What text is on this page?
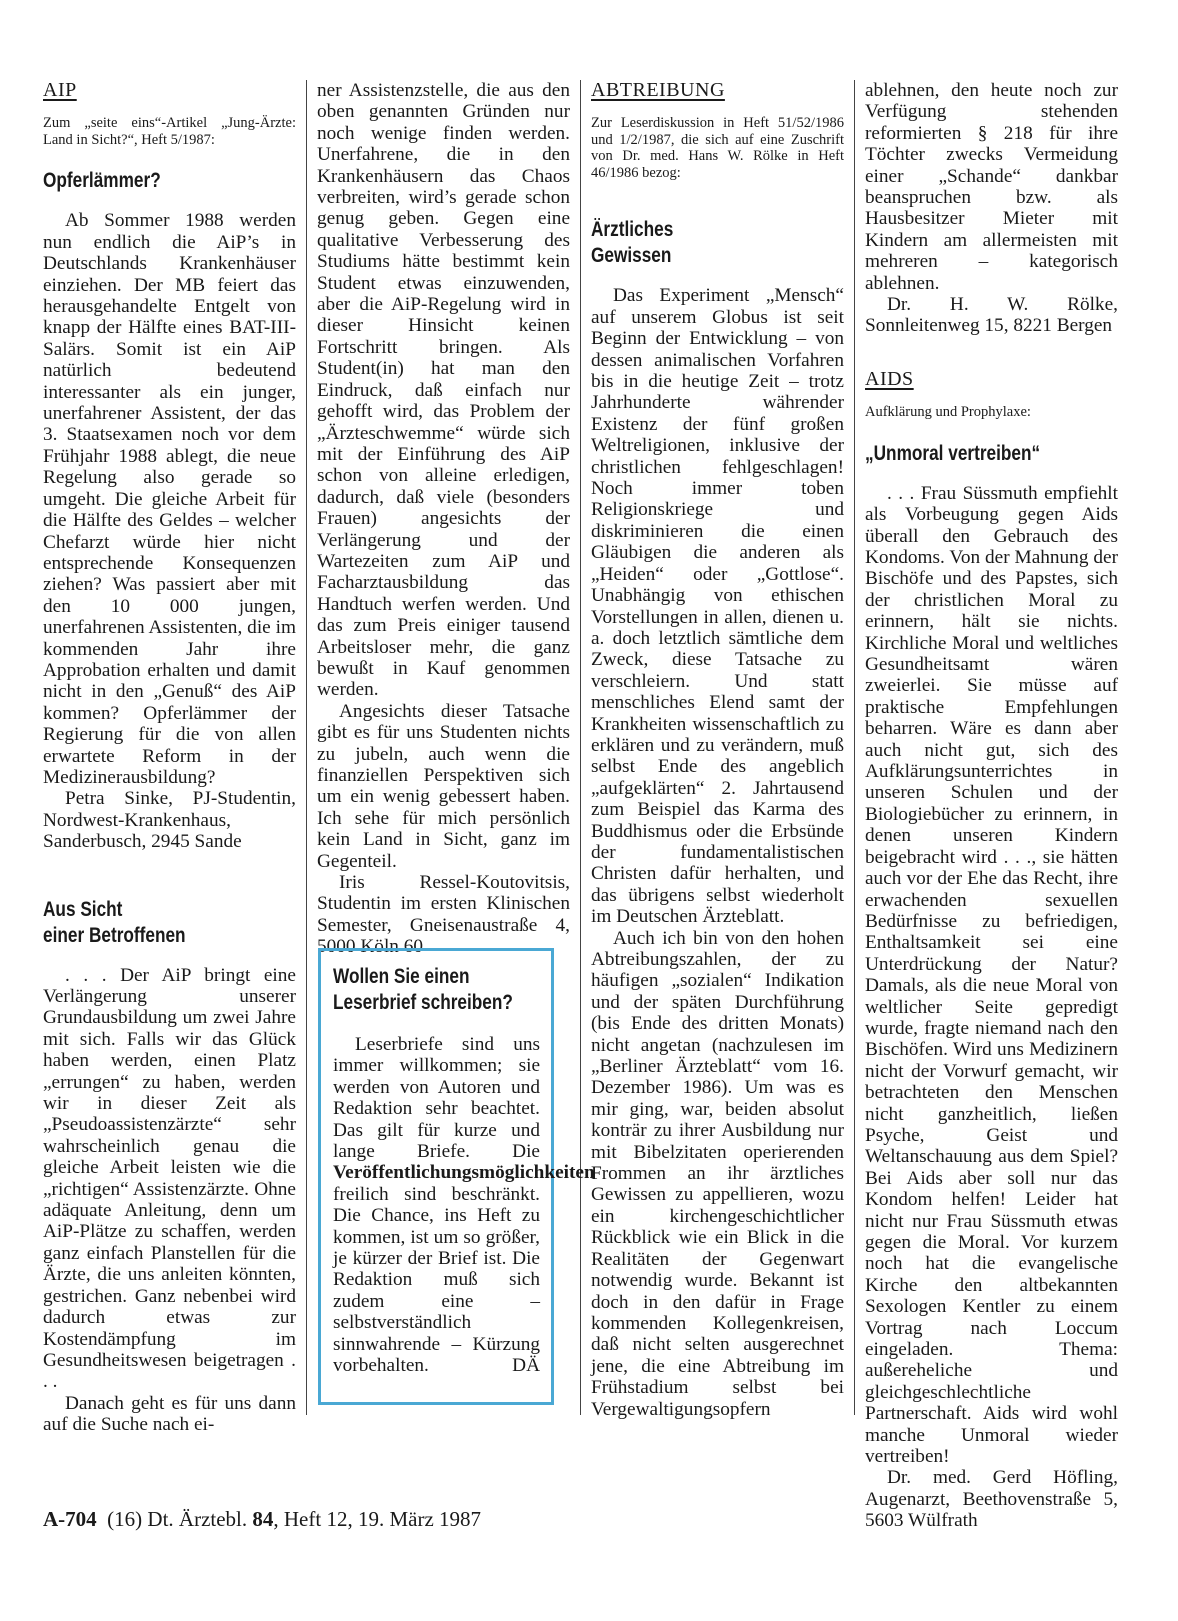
AIP
Zum „seite eins“-Artikel „Jung-Ärzte: Land in Sicht?“, Heft 5/1987:
Opferlämmer?

Ab Sommer 1988 werden nun endlich die AiP’s in Deutschlands Krankenhäuser einziehen. Der MB feiert das herausgehandelte Entgelt von knapp der Hälfte eines BAT-III-Salärs. Somit ist ein AiP natürlich bedeutend interessanter als ein junger, unerfahrener Assistent, der das 3. Staatsexamen noch vor dem Frühjahr 1988 ablegt, die neue Regelung also gerade so umgeht. Die gleiche Arbeit für die Hälfte des Geldes – welcher Chefarzt würde hier nicht entsprechende Konsequenzen ziehen? Was passiert aber mit den 10 000 jungen, unerfahrenen Assistenten, die im kommenden Jahr ihre Approbation erhalten und damit nicht in den „Genuß“ des AiP kommen? Opferlämmer der Regierung für die von allen erwartete Reform in der Medizinerausbildung?

Petra Sinke, PJ-Studentin, Nordwest-Krankenhaus, Sanderbusch, 2945 Sande

Aus Sicht
einer Betroffenen

. . . Der AiP bringt eine Verlängerung unserer Grundausbildung um zwei Jahre mit sich. Falls wir das Glück haben werden, einen Platz „errungen“ zu haben, werden wir in dieser Zeit als „Pseudoassistenzärzte“ sehr wahrscheinlich genau die gleiche Arbeit leisten wie die „richtigen“ Assistenzärzte. Ohne adäquate Anleitung, denn um AiP-Plätze zu schaffen, werden ganz einfach Planstellen für die Ärzte, die uns anleiten könnten, gestrichen. Ganz nebenbei wird dadurch etwas zur Kostendämpfung im Gesundheitswesen beigetragen . . .

Danach geht es für uns dann auf die Suche nach ei-

ner Assistenzstelle, die aus den oben genannten Gründen nur noch wenige finden werden. Unerfahrene, die in den Krankenhäusern das Chaos verbreiten, wird’s gerade schon genug geben. Gegen eine qualitative Verbesserung des Studiums hätte bestimmt kein Student etwas einzuwenden, aber die AiP-Regelung wird in dieser Hinsicht keinen Fortschritt bringen. Als Student(in) hat man den Eindruck, daß einfach nur gehofft wird, das Problem der „Ärzteschwemme“ würde sich mit der Einführung des AiP schon von alleine erledigen, dadurch, daß viele (besonders Frauen) angesichts der Verlängerung und der Wartezeiten zum AiP und Facharztausbildung das Handtuch werfen werden. Und das zum Preis einiger tausend Arbeitsloser mehr, die ganz bewußt in Kauf genommen werden.

Angesichts dieser Tatsache gibt es für uns Studenten nichts zu jubeln, auch wenn die finanziellen Perspektiven sich um ein wenig gebessert haben. Ich sehe für mich persönlich kein Land in Sicht, ganz im Gegenteil.

Iris Ressel-Koutovitsis, Studentin im ersten Klinischen Semester, Gneisenaustraße 4, 5000 Köln 60

Wollen Sie einen
Leserbrief schreiben?

Leserbriefe sind uns immer willkommen; sie werden von Autoren und Redaktion sehr beachtet. Das gilt für kurze und lange Briefe. Die Veröffentlichungsmöglichkeiten freilich sind beschränkt. Die Chance, ins Heft zu kommen, ist um so größer, je kürzer der Brief ist. Die Redaktion muß sich zudem eine – selbstverständlich sinnwahrende – Kürzung vorbehalten.	DÄ

ABTREIBUNG
Zur Leserdiskussion in Heft 51/52/1986 und 1/2/1987, die sich auf eine Zuschrift von Dr. med. Hans W. Rölke in Heft 46/1986 bezog:
Ärztliches
Gewissen

Das Experiment „Mensch“ auf unserem Globus ist seit Beginn der Entwicklung – von dessen animalischen Vorfahren bis in die heutige Zeit – trotz Jahrhunderte währender Existenz der fünf großen Weltreligionen, inklusive der christlichen fehlgeschlagen! Noch immer toben Religionskriege und diskriminieren die einen Gläubigen die anderen als „Heiden“ oder „Gottlose“. Unabhängig von ethischen Vorstellungen in allen, dienen u. a. doch letztlich sämtliche dem Zweck, diese Tatsache zu verschleiern. Und statt menschliches Elend samt der Krankheiten wissenschaftlich zu erklären und zu verändern, muß selbst Ende des angeblich „aufgeklärten“ 2. Jahrtausend zum Beispiel das Karma des Buddhismus oder die Erbsünde der fundamentalistischen Christen dafür herhalten, und das übrigens selbst wiederholt im Deutschen Ärzteblatt.

Auch ich bin von den hohen Abtreibungszahlen, der zu häufigen „sozialen“ Indikation und der späten Durchführung (bis Ende des dritten Monats) nicht angetan (nachzulesen im „Berliner Ärzteblatt“ vom 16. Dezember 1986). Um was es mir ging, war, beiden absolut konträr zu ihrer Ausbildung nur mit Bibelzitaten operierenden Frommen an ihr ärztliches Gewissen zu appellieren, wozu ein kirchengeschichtlicher Rückblick wie ein Blick in die Realitäten der Gegenwart notwendig wurde. Bekannt ist doch in den dafür in Frage kommenden Kollegenkreisen, daß nicht selten ausgerechnet jene, die eine Abtreibung im Frühstadium selbst bei Vergewaltigungsopfern

ablehnen, den heute noch zur Verfügung stehenden reformierten § 218 für ihre Töchter zwecks Vermeidung einer „Schande“ dankbar beanspruchen bzw. als Hausbesitzer Mieter mit Kindern am allermeisten mit mehreren – kategorisch ablehnen.

Dr. H. W. Rölke, Sonnleitenweg 15, 8221 Bergen

AIDS
Aufklärung und Prophylaxe:
„Unmoral vertreiben“

. . . Frau Süssmuth empfiehlt als Vorbeugung gegen Aids überall den Gebrauch des Kondoms. Von der Mahnung der Bischöfe und des Papstes, sich der christlichen Moral zu erinnern, hält sie nichts. Kirchliche Moral und weltliches Gesundheitsamt wären zweierlei. Sie müsse auf praktische Empfehlungen beharren. Wäre es dann aber auch nicht gut, sich des Aufklärungsunterrichtes in unseren Schulen und der Biologiebücher zu erinnern, in denen unseren Kindern beigebracht wird . . ., sie hätten auch vor der Ehe das Recht, ihre erwachenden sexuellen Bedürfnisse zu befriedigen, Enthaltsamkeit sei eine Unterdrückung der Natur? Damals, als die neue Moral von weltlicher Seite gepredigt wurde, fragte niemand nach den Bischöfen. Wird uns Medizinern nicht der Vorwurf gemacht, wir betrachteten den Menschen nicht ganzheitlich, ließen Psyche, Geist und Weltanschauung aus dem Spiel? Bei Aids aber soll nur das Kondom helfen! Leider hat nicht nur Frau Süssmuth etwas gegen die Moral. Vor kurzem noch hat die evangelische Kirche den altbekannten Sexologen Kentler zu einem Vortrag nach Loccum eingeladen. Thema: außereheliche und gleichgeschlechtliche Partnerschaft. Aids wird wohl manche Unmoral wieder vertreiben!

Dr. med. Gerd Höfling, Augenarzt, Beethovenstraße 5, 5603 Wülfrath

A-704 (16) Dt. Ärztebl. 84, Heft 12, 19. März 1987
